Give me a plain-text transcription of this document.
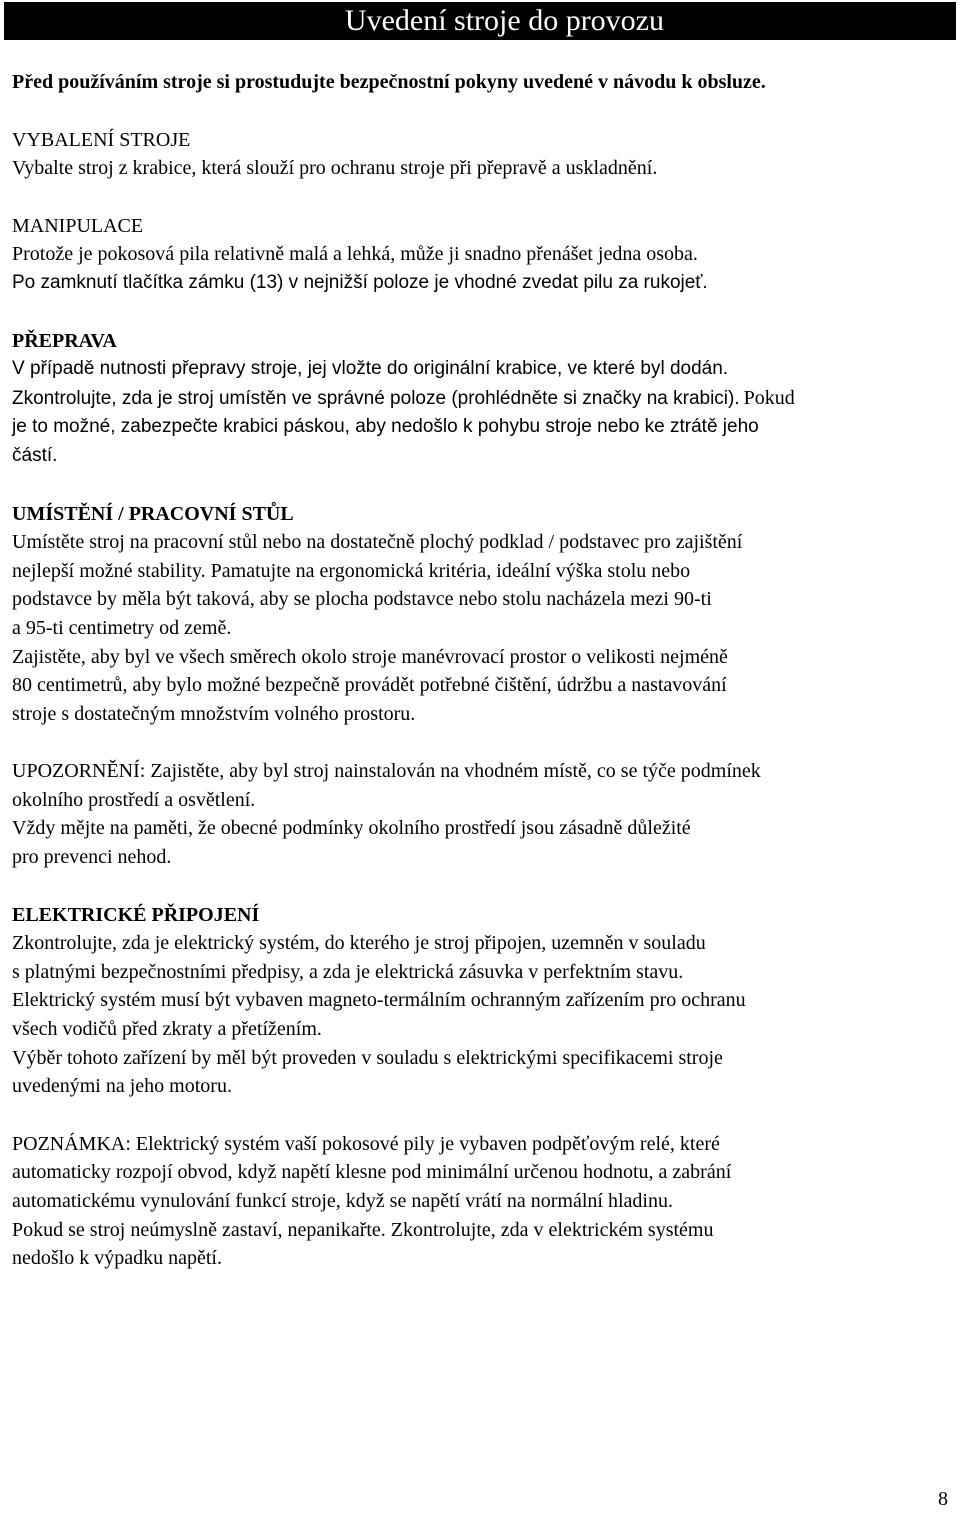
Uvedení stroje do provozu
Před používáním stroje si prostudujte bezpečnostní pokyny uvedené v návodu k obsluze.
VYBALENÍ STROJE
Vybalte stroj z krabice, která slouží pro ochranu stroje při přepravě a uskladnění.
MANIPULACE
Protože je pokosová pila relativně malá a lehká, může ji snadno přenášet jedna osoba.
Po zamknutí tlačítka zámku (13) v nejnižší poloze je vhodné zvedat pilu za rukojeť.
PŘEPRAVA
V případě nutnosti přepravy stroje, jej vložte do originální krabice, ve které byl dodán.
Zkontrolujte, zda je stroj umístěn ve správné poloze (prohlédněte si značky na krabici). Pokud
je to možné, zabezpečte krabici páskou, aby nedošlo k pohybu stroje nebo ke ztrátě jeho
částí.
UMÍSTĚNÍ / PRACOVNÍ STŮL
Umístěte stroj na pracovní stůl nebo na dostatečně plochý podklad / podstavec pro zajištění
nejlepší možné stability. Pamatujte na ergonomická kritéria, ideální výška stolu nebo
podstavce by měla být taková, aby se plocha podstavce nebo stolu nacházela mezi 90-ti
a 95-ti centimetry od země.
Zajistěte, aby byl ve všech směrech okolo stroje manévrovací prostor o velikosti nejméně
80 centimetrů, aby bylo možné bezpečně provádět potřebné čištění, údržbu a nastavování
stroje s dostatečným množstvím volného prostoru.
UPOZORNĚNÍ: Zajistěte, aby byl stroj nainstalován na vhodném místě, co se týče podmínek
okolního prostředí a osvětlení.
Vždy mějte na paměti, že obecné podmínky okolního prostředí jsou zásadně důležité
pro prevenci nehod.
ELEKTRICKÉ PŘIPOJENÍ
Zkontrolujte, zda je elektrický systém, do kterého je stroj připojen, uzemněn v souladu
s platnými bezpečnostními předpisy, a zda je elektrická zásuvka v perfektním stavu.
Elektrický systém musí být vybaven magneto-termálním ochranným zařízením pro ochranu
všech vodičů před zkraty a přetížením.
Výběr tohoto zařízení by měl být proveden v souladu s elektrickými specifikacemi stroje
uvedenými na jeho motoru.
POZNÁMKA: Elektrický systém vaší pokosové pily je vybaven podpěťovým relé, které
automaticky rozpojí obvod, když napětí klesne pod minimální určenou hodnotu, a zabrání
automatickému vynulování funkcí stroje, když se napětí vrátí na normální hladinu.
Pokud se stroj neúmyslně zastaví, nepanikařte. Zkontrolujte, zda v elektrickém systému
nedošlo k výpadku napětí.
8
